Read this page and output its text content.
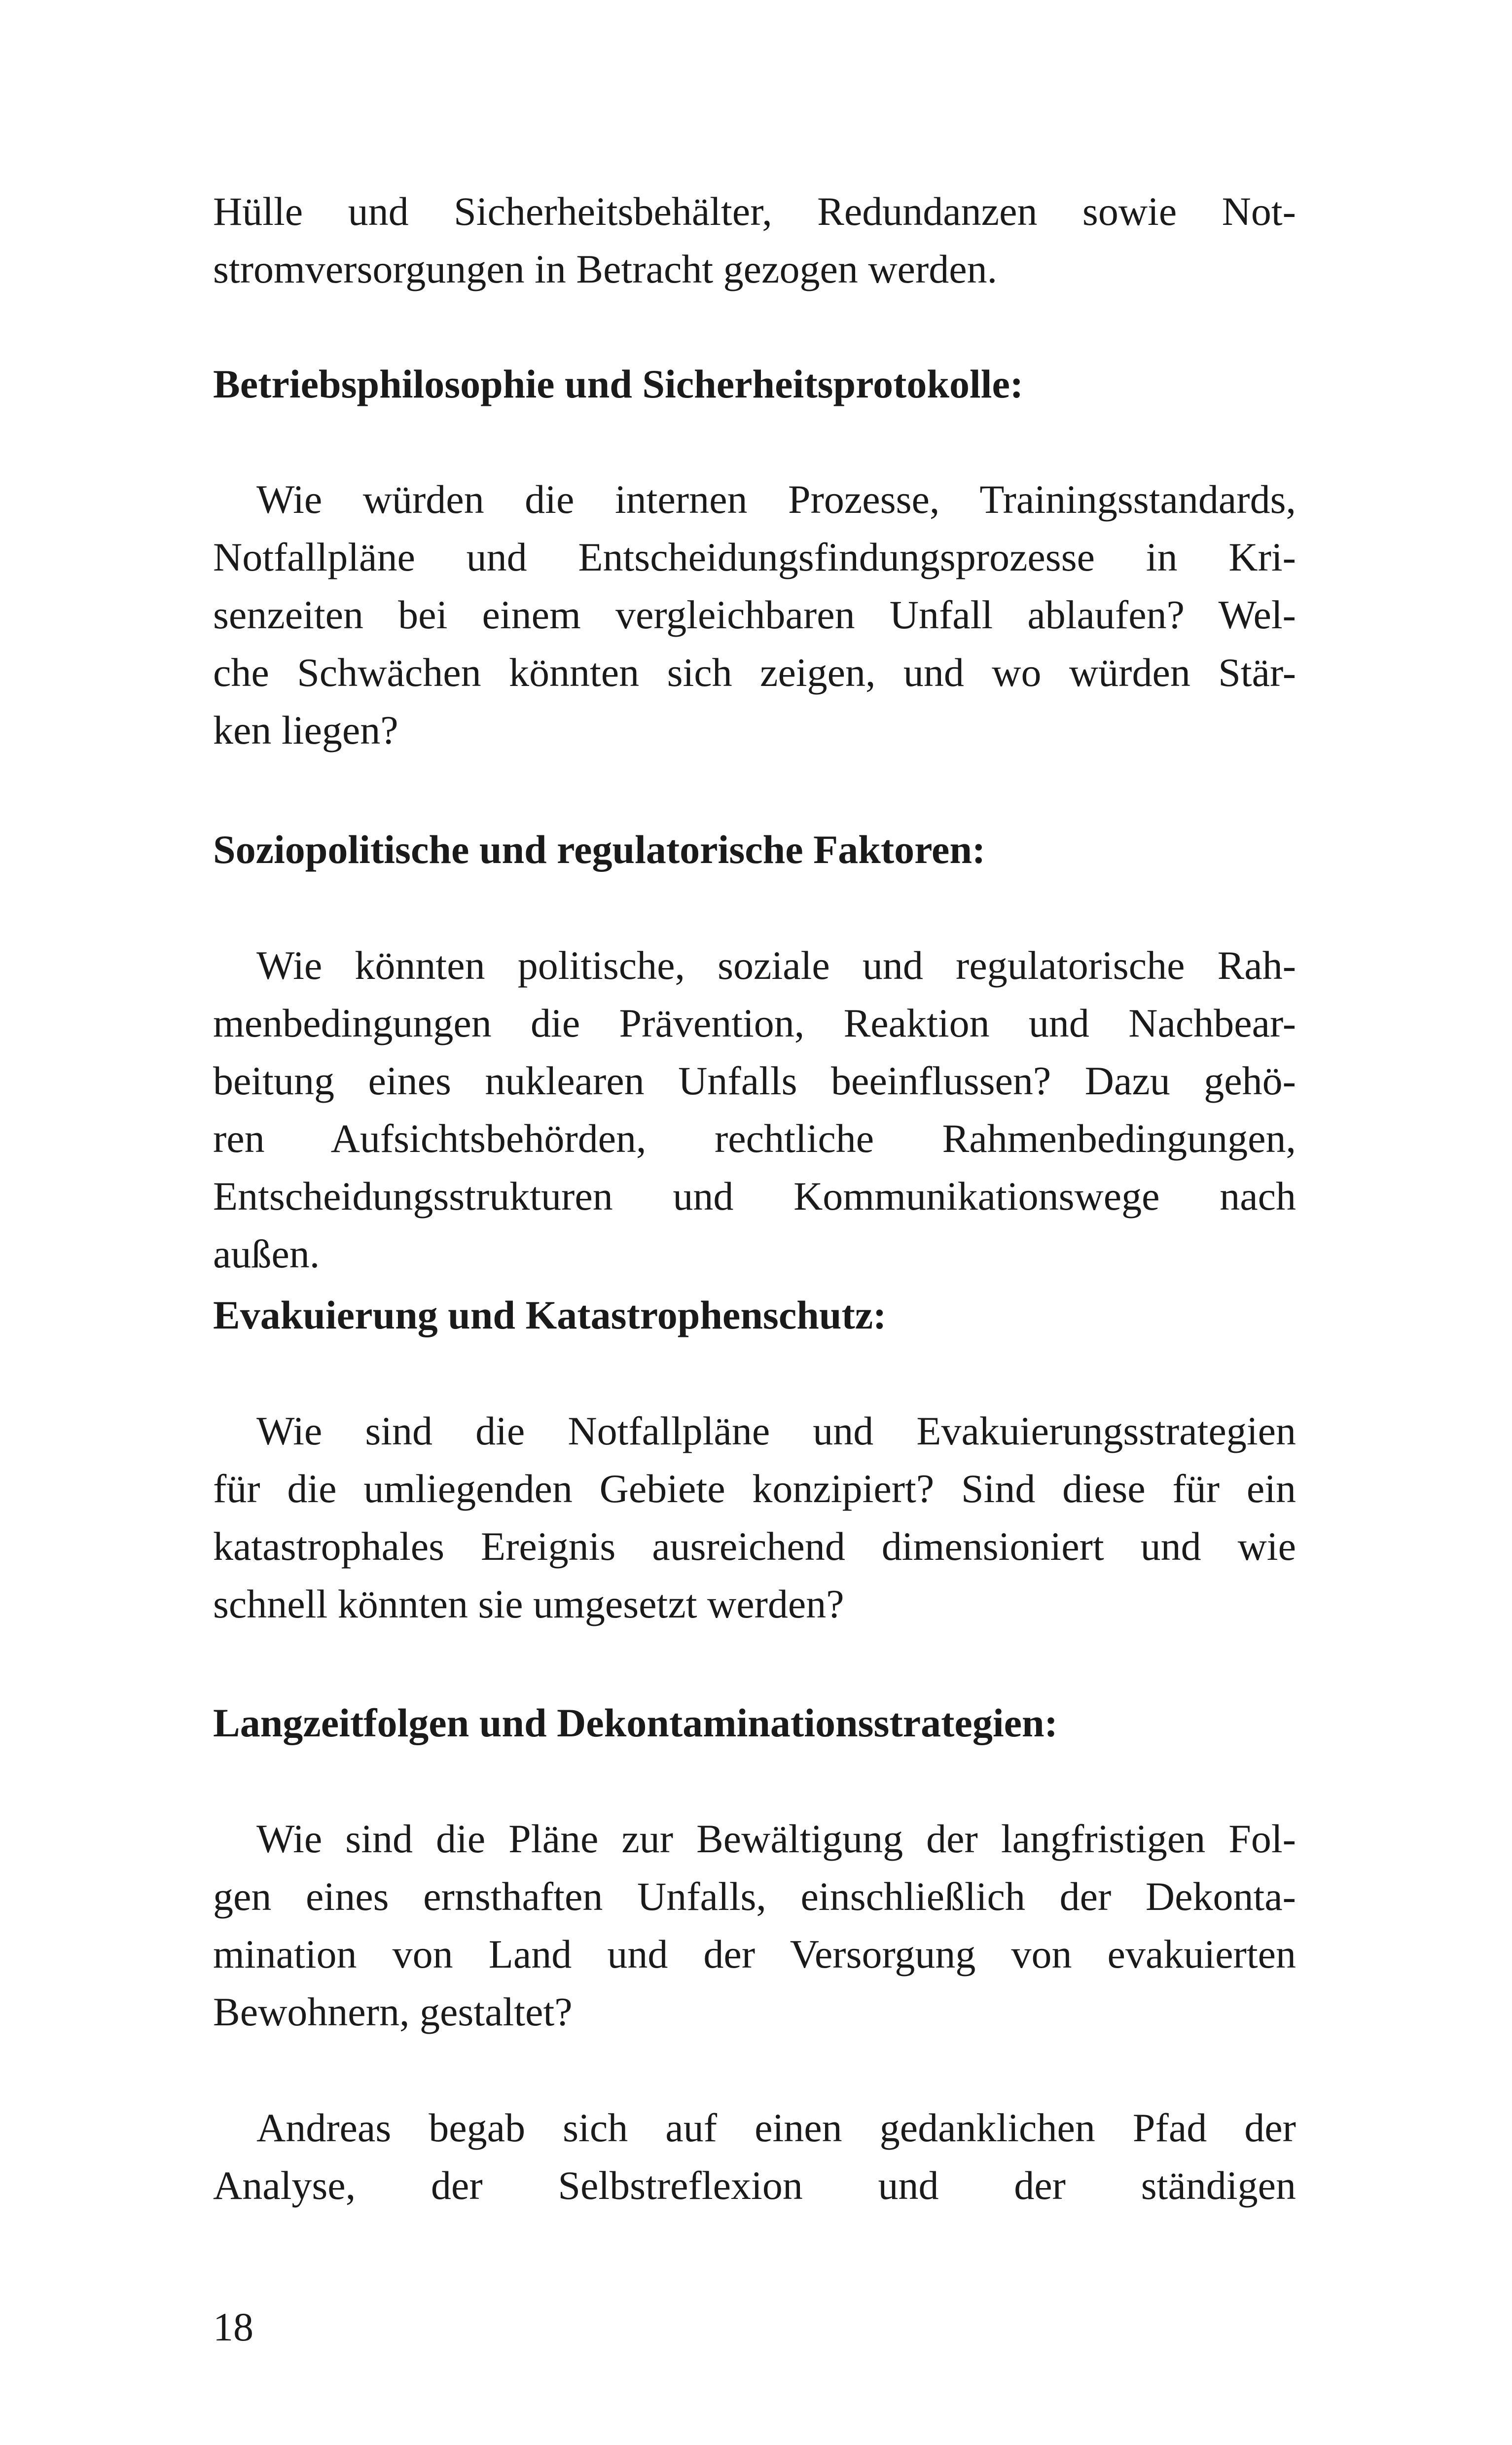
Hülle und Sicherheitsbehälter, Redundanzen sowie Not-
stromversorgungen in Betracht gezogen werden.
Betriebsphilosophie und Sicherheitsprotokolle:
Wie würden die internen Prozesse, Trainingsstandards,
Notfallpläne und Entscheidungsfindungsprozesse in Kri-
senzeiten bei einem vergleichbaren Unfall ablaufen? Wel-
che Schwächen könnten sich zeigen, und wo würden Stär-
ken liegen?
Soziopolitische und regulatorische Faktoren:
Wie könnten politische, soziale und regulatorische Rah-
menbedingungen die Prävention, Reaktion und Nachbear-
beitung eines nuklearen Unfalls beeinflussen? Dazu gehö-
ren Aufsichtsbehörden, rechtliche Rahmenbedingungen,
Entscheidungsstrukturen und Kommunikationswege nach
außen.
Evakuierung und Katastrophenschutz:
Wie sind die Notfallpläne und Evakuierungsstrategien
für die umliegenden Gebiete konzipiert? Sind diese für ein
katastrophales Ereignis ausreichend dimensioniert und wie
schnell könnten sie umgesetzt werden?
Langzeitfolgen und Dekontaminationsstrategien:
Wie sind die Pläne zur Bewältigung der langfristigen Fol-
gen eines ernsthaften Unfalls, einschließlich der Dekonta-
mination von Land und der Versorgung von evakuierten
Bewohnern, gestaltet?
Andreas begab sich auf einen gedanklichen Pfad der
Analyse, der Selbstreflexion und der ständigen
18
